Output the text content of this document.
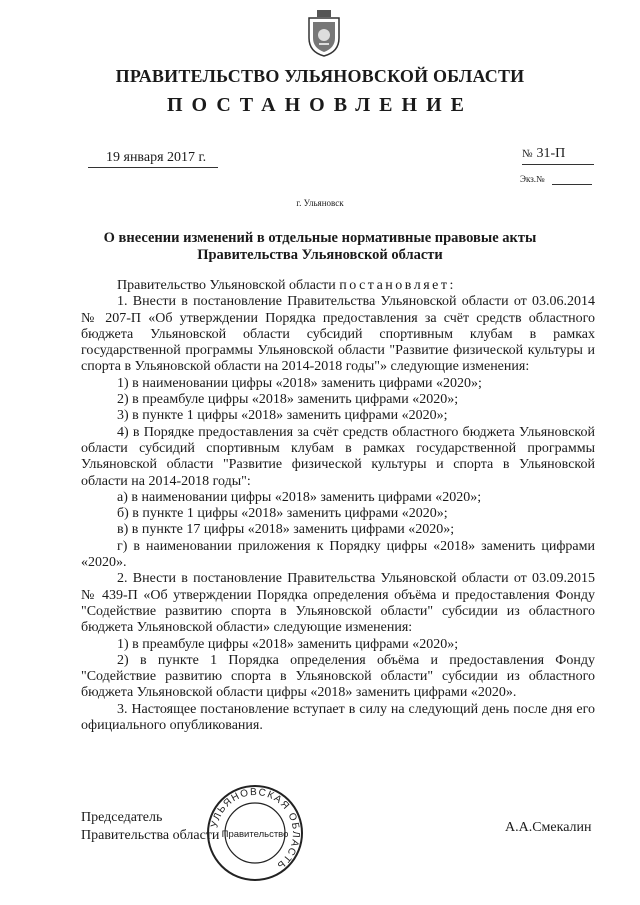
ПРАВИТЕЛЬСТВО УЛЬЯНОВСКОЙ ОБЛАСТИ
ПОСТАНОВЛЕНИЕ
19 января 2017 г.	№ 31-П
Экз.№
г. Ульяновск
О внесении изменений в отдельные нормативные правовые акты
Правительства Ульяновской области

Правительство Ульяновской области постановляет:

1. Внести в постановление Правительства Ульяновской области от 03.06.2014 № 207-П «Об утверждении Порядка предоставления за счёт средств областного бюджета Ульяновской области субсидий спортивным клубам в рамках государственной программы Ульяновской области "Развитие физической культуры и спорта в Ульяновской области на 2014-2018 годы"» следующие изменения:

1) в наименовании цифры «2018» заменить цифрами «2020»;

2) в преамбуле цифры «2018» заменить цифрами «2020»;

3) в пункте 1 цифры «2018» заменить цифрами «2020»;

4) в Порядке предоставления за счёт средств областного бюджета Ульяновской области субсидий спортивным клубам в рамках государственной программы Ульяновской области "Развитие физической культуры и спорта в Ульяновской области на 2014-2018 годы":

а) в наименовании цифры «2018» заменить цифрами «2020»;

б) в пункте 1 цифры «2018» заменить цифрами «2020»;

в) в пункте 17 цифры «2018» заменить цифрами «2020»;

г) в наименовании приложения к Порядку цифры «2018» заменить цифрами «2020».

2. Внести в постановление Правительства Ульяновской области от 03.09.2015 № 439-П «Об утверждении Порядка определения объёма и предоставления Фонду "Содействие развитию спорта в Ульяновской области" субсидии из областного бюджета Ульяновской области» следующие изменения:

1) в преамбуле цифры «2018» заменить цифрами «2020»;

2) в пункте 1 Порядка определения объёма и предоставления Фонду "Содействие развитию спорта в Ульяновской области" субсидии из областного бюджета Ульяновской области цифры «2018» заменить цифрами «2020».

3. Настоящее постановление вступает в силу на следующий день после дня его официального опубликования.

Председатель
Правительства области
УЛЬЯНОВСКАЯ ОБЛАСТЬ
Правительство	А.А.Смекалин
